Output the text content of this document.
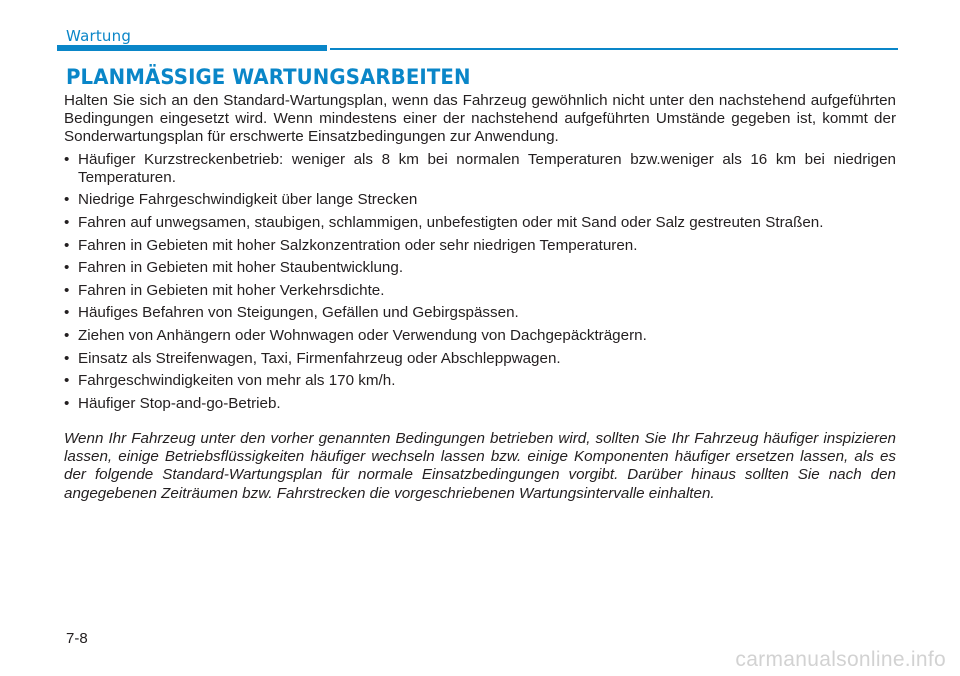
Wartung
PLANMÄSSIGE WARTUNGSARBEITEN

Halten Sie sich an den Standard-Wartungsplan, wenn das Fahrzeug gewöhnlich nicht unter den nachstehend aufgeführten Bedingungen eingesetzt wird. Wenn mindestens einer der nachstehend aufgeführten Umstände gegeben ist, kommt der Sonderwartungsplan für erschwerte Einsatzbedingungen zur Anwendung.

• Häufiger Kurzstreckenbetrieb: weniger als 8 km bei normalen Temperaturen bzw.weniger als 16 km bei niedrigen Temperaturen.
• Niedrige Fahrgeschwindigkeit über lange Strecken
• Fahren auf unwegsamen, staubigen, schlammigen, unbefestigten oder mit Sand oder Salz gestreuten Straßen.
• Fahren in Gebieten mit hoher Salzkonzentration oder sehr niedrigen Temperaturen.
• Fahren in Gebieten mit hoher Staubentwicklung.
• Fahren in Gebieten mit hoher Verkehrsdichte.
• Häufiges Befahren von Steigungen, Gefällen und Gebirgspässen.
• Ziehen von Anhängern oder Wohnwagen oder Verwendung von Dachgepäckträgern.
• Einsatz als Streifenwagen, Taxi, Firmenfahrzeug oder Abschleppwagen.
• Fahrgeschwindigkeiten von mehr als 170 km/h.
• Häufiger Stop-and-go-Betrieb.

Wenn Ihr Fahrzeug unter den vorher genannten Bedingungen betrieben wird, sollten Sie Ihr Fahrzeug häufiger inspizieren lassen, einige Betriebsflüssigkeiten häufiger wechseln lassen bzw. einige Komponenten häufiger ersetzen lassen, als es der folgende Standard-Wartungsplan für normale Einsatzbedingungen vorgibt. Darüber hinaus sollten Sie nach den angegebenen Zeiträumen bzw. Fahrstrecken die vorgeschriebenen Wartungsintervalle einhalten.

7-8
carmanualsonline.info
